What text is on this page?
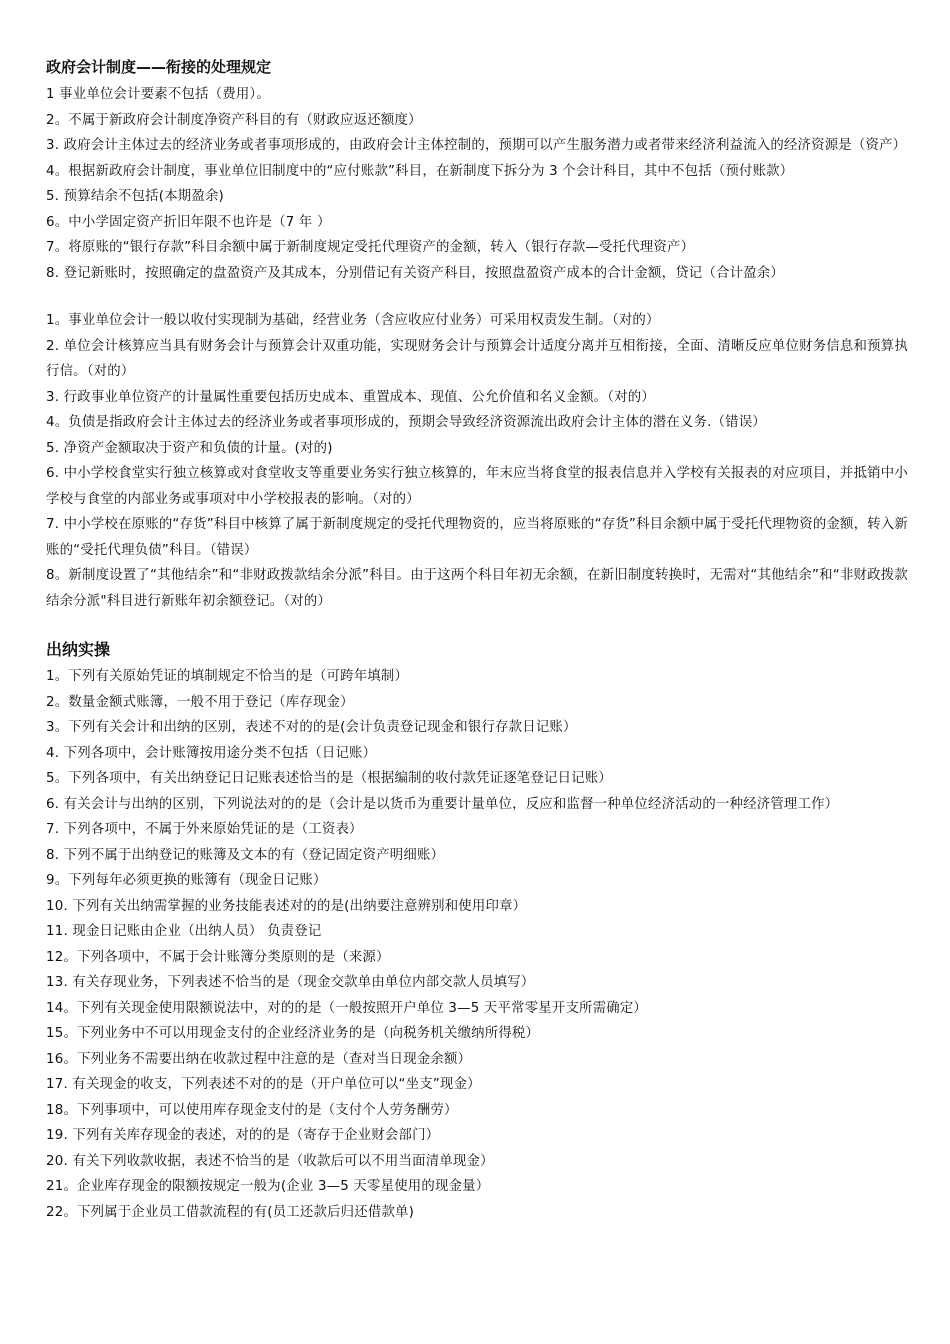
政府会计制度——衔接的处理规定

1 事业单位会计要素不包括（费用）。

2。不属于新政府会计制度净资产科目的有（财政应返还额度）

3. 政府会计主体过去的经济业务或者事项形成的，由政府会计主体控制的，预期可以产生服务潜力或者带来经济利益流入的经济资源是（资产）

4。根据新政府会计制度，事业单位旧制度中的“应付账款”科目，在新制度下拆分为 3 个会计科目，其中不包括（预付账款）

5. 预算结余不包括(本期盈余)

6。中小学固定资产折旧年限不也许是（7 年 ）

7。将原账的“银行存款”科目余额中属于新制度规定受托代理资产的金额，转入（银行存款—受托代理资产）

8. 登记新账时，按照确定的盘盈资产及其成本，分别借记有关资产科目，按照盘盈资产成本的合计金额，贷记（合计盈余）

1。事业单位会计一般以收付实现制为基础，经营业务（含应收应付业务）可采用权责发生制。（对的）

2. 单位会计核算应当具有财务会计与预算会计双重功能，实现财务会计与预算会计适度分离并互相衔接，全面、清晰反应单位财务信息和预算执行信。（对的）

3. 行政事业单位资产的计量属性重要包括历史成本、重置成本、现值、公允价值和名义金额。（对的）

4。负债是指政府会计主体过去的经济业务或者事项形成的，预期会导致经济资源流出政府会计主体的潜在义务.（错误）

5. 净资产金额取决于资产和负债的计量。(对的)

6. 中小学校食堂实行独立核算或对食堂收支等重要业务实行独立核算的，年末应当将食堂的报表信息并入学校有关报表的对应项目，并抵销中小学校与食堂的内部业务或事项对中小学校报表的影响。（对的）

7. 中小学校在原账的“存货”科目中核算了属于新制度规定的受托代理物资的，应当将原账的“存货”科目余额中属于受托代理物资的金额，转入新账的“受托代理负债”科目。（错误）

8。新制度设置了“其他结余”和“非财政拨款结余分派”科目。由于这两个科目年初无余额，在新旧制度转换时，无需对“其他结余”和“非财政拨款结余分派"科目进行新账年初余额登记。（对的）

出纳实操

1。下列有关原始凭证的填制规定不恰当的是（可跨年填制）

2。数量金额式账簿，一般不用于登记（库存现金）

3。下列有关会计和出纳的区别，表述不对的的是(会计负责登记现金和银行存款日记账）

4. 下列各项中，会计账簿按用途分类不包括（日记账）

5。下列各项中，有关出纳登记日记账表述恰当的是（根据编制的收付款凭证逐笔登记日记账）

6. 有关会计与出纳的区别，下列说法对的的是（会计是以货币为重要计量单位，反应和监督一种单位经济活动的一种经济管理工作）

7. 下列各项中，不属于外来原始凭证的是（工资表）

8. 下列不属于出纳登记的账簿及文本的有（登记固定资产明细账）

9。下列每年必须更换的账簿有（现金日记账）

10. 下列有关出纳需掌握的业务技能表述对的的是(出纳要注意辨别和使用印章）

11. 现金日记账由企业（出纳人员） 负责登记

12。下列各项中，不属于会计账簿分类原则的是（来源）

13. 有关存现业务，下列表述不恰当的是（现金交款单由单位内部交款人员填写）

14。下列有关现金使用限额说法中，对的的是（一般按照开户单位 3—5 天平常零星开支所需确定）

15。下列业务中不可以用现金支付的企业经济业务的是（向税务机关缴纳所得税）

16。下列业务不需要出纳在收款过程中注意的是（查对当日现金余额）

17. 有关现金的收支，下列表述不对的的是（开户单位可以“坐支”现金）

18。下列事项中，可以使用库存现金支付的是（支付个人劳务酬劳）

19. 下列有关库存现金的表述，对的的是（寄存于企业财会部门）

20. 有关下列收款收据，表述不恰当的是（收款后可以不用当面清单现金）

21。企业库存现金的限额按规定一般为(企业 3—5 天零星使用的现金量）

22。下列属于企业员工借款流程的有(员工还款后归还借款单)
